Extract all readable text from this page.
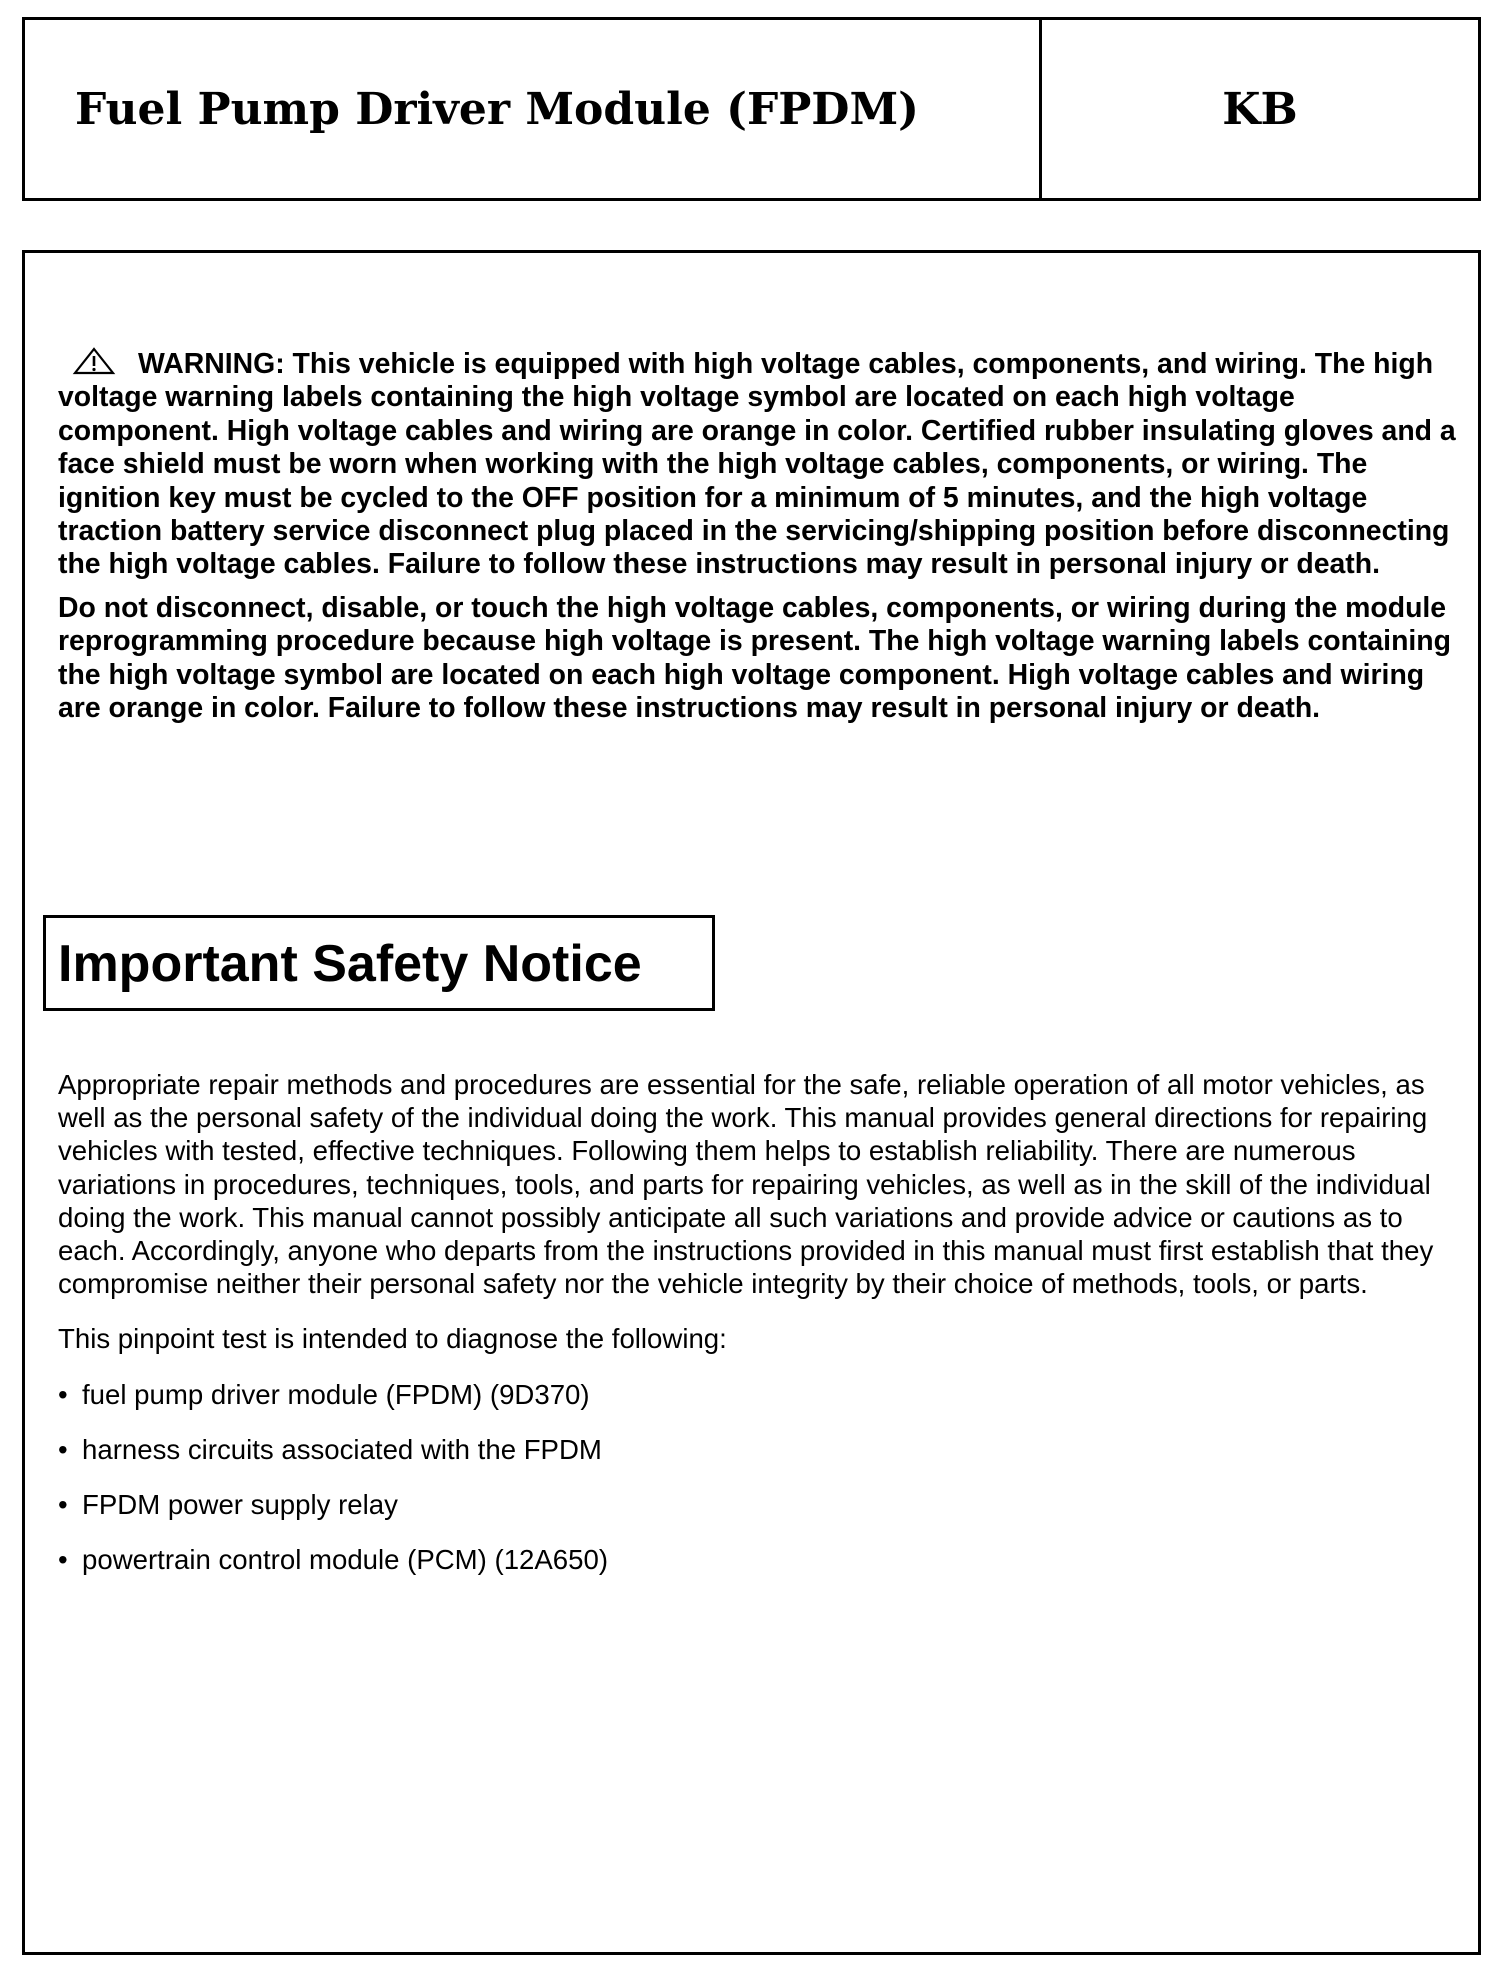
Fuel Pump Driver Module (FPDM)	KB

WARNING: This vehicle is equipped with high voltage cables, components, and wiring. The high voltage warning labels containing the high voltage symbol are located on each high voltage component. High voltage cables and wiring are orange in color. Certified rubber insulating gloves and a face shield must be worn when working with the high voltage cables, components, or wiring. The ignition key must be cycled to the OFF position for a minimum of 5 minutes, and the high voltage traction battery service disconnect plug placed in the servicing/shipping position before disconnecting the high voltage cables. Failure to follow these instructions may result in personal injury or death.

Do not disconnect, disable, or touch the high voltage cables, components, or wiring during the module reprogramming procedure because high voltage is present. The high voltage warning labels containing the high voltage symbol are located on each high voltage component. High voltage cables and wiring are orange in color. Failure to follow these instructions may result in personal injury or death.

Important Safety Notice

Appropriate repair methods and procedures are essential for the safe, reliable operation of all motor vehicles, as well as the personal safety of the individual doing the work. This manual provides general directions for repairing vehicles with tested, effective techniques. Following them helps to establish reliability. There are numerous variations in procedures, techniques, tools, and parts for repairing vehicles, as well as in the skill of the individual doing the work. This manual cannot possibly anticipate all such variations and provide advice or cautions as to each. Accordingly, anyone who departs from the instructions provided in this manual must first establish that they compromise neither their personal safety nor the vehicle integrity by their choice of methods, tools, or parts.

This pinpoint test is intended to diagnose the following:

• fuel pump driver module (FPDM) (9D370)
• harness circuits associated with the FPDM
• FPDM power supply relay
• powertrain control module (PCM) (12A650)
